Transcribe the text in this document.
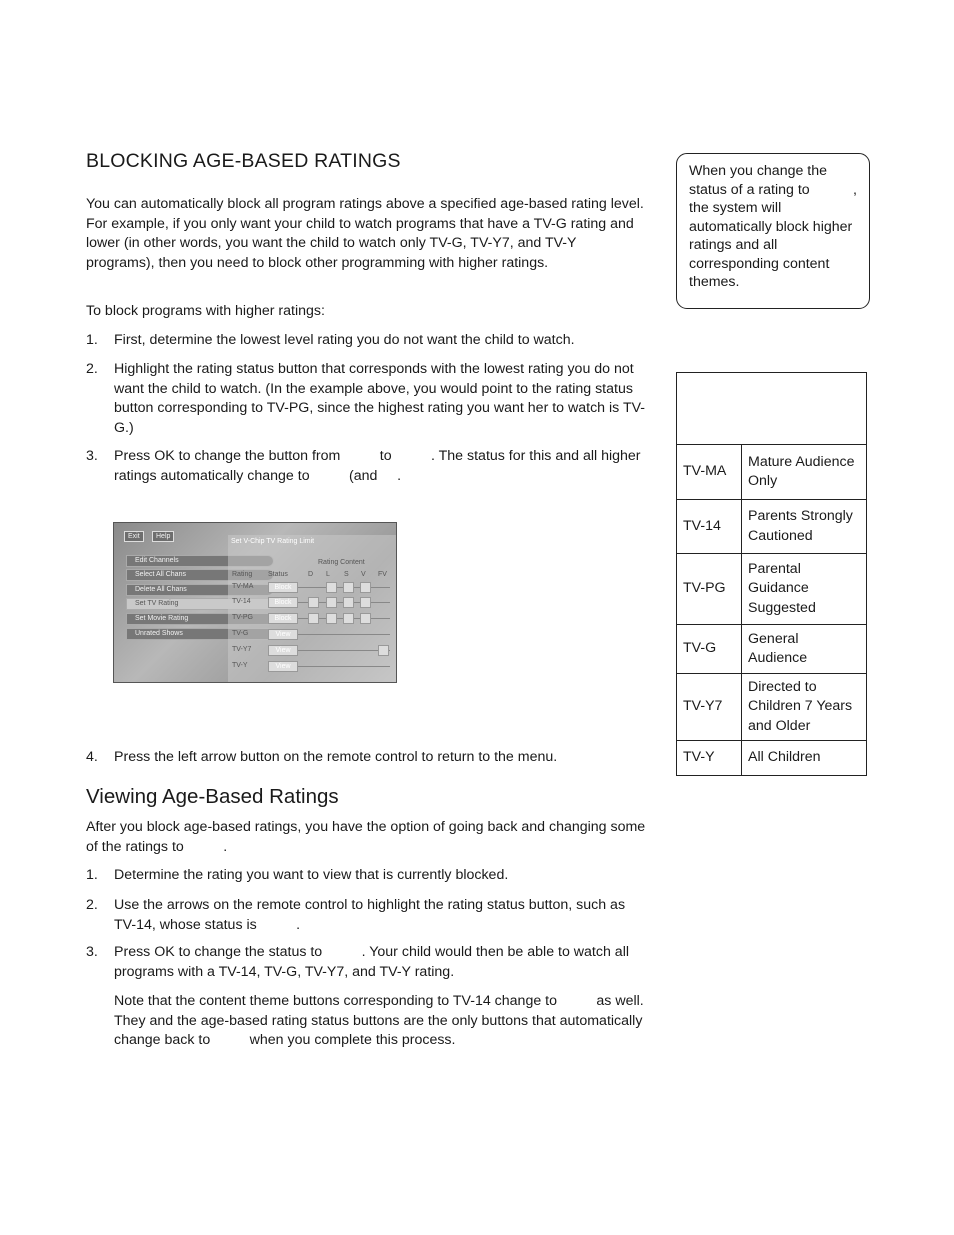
BLOCKING AGE-BASED RATINGS

You can automatically block all program ratings above a specified age-based rating level. For example, if you only want your child to watch programs that have a TV-G rating and lower (in other words, you want the child to watch only TV-G, TV-Y7, and TV-Y programs), then you need to block other programming with higher ratings.

To block programs with higher ratings:

1. First, determine the lowest level rating you do not want the child to watch.
2. Highlight the rating status button that corresponds with the lowest rating you do not want the child to watch. (In the example above, you would point to the rating status button corresponding to TV-PG, since the highest rating you want her to watch is TV-G.)
3. Press OK to change the button from          to          . The status for this and all higher ratings automatically change to          (and     .
Exit	Help
Edit Channels
Select All Chans
Delete All Chans
Set TV Rating
Set Movie Rating
Unrated Shows
Set V-Chip TV Rating Limit
Rating Content
Rating Status	D L S V FV
TV-MA	Block
TV-14	Block
TV-PG	Block
TV-G	View
TV-Y7	View
TV-Y	View
4. Press the left arrow button on the remote control to return to the menu.
Viewing Age-Based Ratings

After you block age-based ratings, you have the option of going back and changing some of the ratings to          .

1. Determine the rating you want to view that is currently blocked.
2. Use the arrows on the remote control to highlight the rating status button, such as TV-14, whose status is          .
3. Press OK to change the status to          . Your child would then be able to watch all programs with a TV-14, TV-G, TV-Y7, and TV-Y rating.

Note that the content theme buttons corresponding to TV-14 change to          as well. They and the age-based rating status buttons are the only buttons that automatically change back to          when you complete this process.

When you change the status of a rating to           , the system will automatically block higher ratings and all corresponding content themes.

TV-MA	Mature Audience Only
TV-14	Parents Strongly Cautioned
TV-PG	Parental Guidance Suggested
TV-G	General Audience
TV-Y7	Directed to Children 7 Years and Older
TV-Y	All Children
